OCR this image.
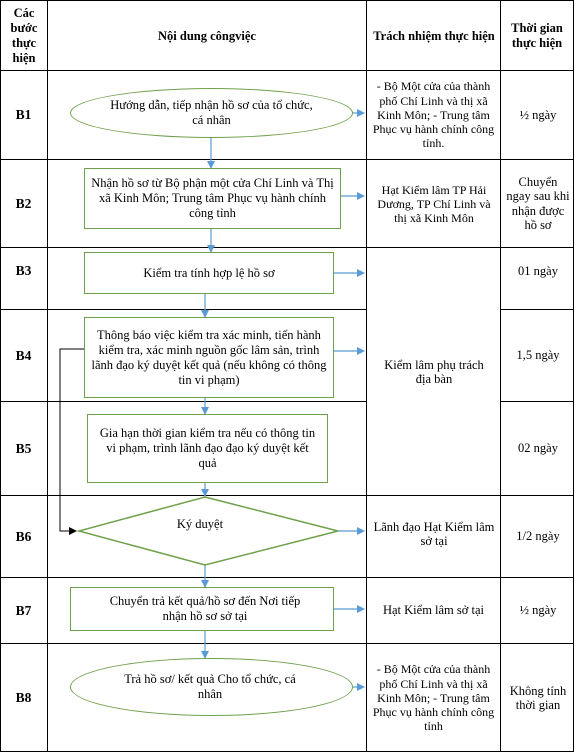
Các bước thực hiện
Nội dung côngviệc	Trách nhiệm thực hiện
Thời gian thực hiện
B1
B2
B3
B4
B5
B6
B7
B8
Hướng dẫn, tiếp nhận hồ sơ của tổ chức, cá nhân
Nhận hồ sơ từ Bộ phận một cửa Chí Linh và Thị xã Kinh Môn; Trung tâm Phục vụ hành chính công tỉnh
Kiểm tra tính hợp lệ hồ sơ
Thông báo việc kiểm tra xác minh, tiến hành kiểm tra, xác minh nguồn gốc lâm sản, trình lãnh đạo ký duyệt kết quả (nếu không có thông tin vi phạm)
Gia hạn thời gian kiểm tra nếu có thông tin vi phạm, trình lãnh đạo đạo ký duyệt kết quả
Ký duyệt
Chuyển trả kết quả/hồ sơ đến Nơi tiếp nhận hồ sơ sở tại
Trả hồ sơ/ kết quả Cho tổ chức, cá nhân
- Bộ Một cửa của thành phố Chí Linh và thị xã Kinh Môn; - Trung tâm Phục vụ hành chính công tỉnh.
Hạt Kiểm lâm TP Hải Dương, TP Chí Linh và thị xã Kinh Môn
Kiểm lâm phụ trách địa bàn
Lãnh đạo Hạt Kiểm lâm sở tại
Hạt Kiểm lâm sở tại
- Bộ Một cửa của thành phố Chí Linh và thị xã Kinh Môn; - Trung tâm Phục vụ hành chính công tỉnh
½ ngày
Chuyển ngay sau khi nhận được hồ sơ
01 ngày
1,5 ngày
02 ngày
1/2 ngày
½ ngày
Không tính thời gian
